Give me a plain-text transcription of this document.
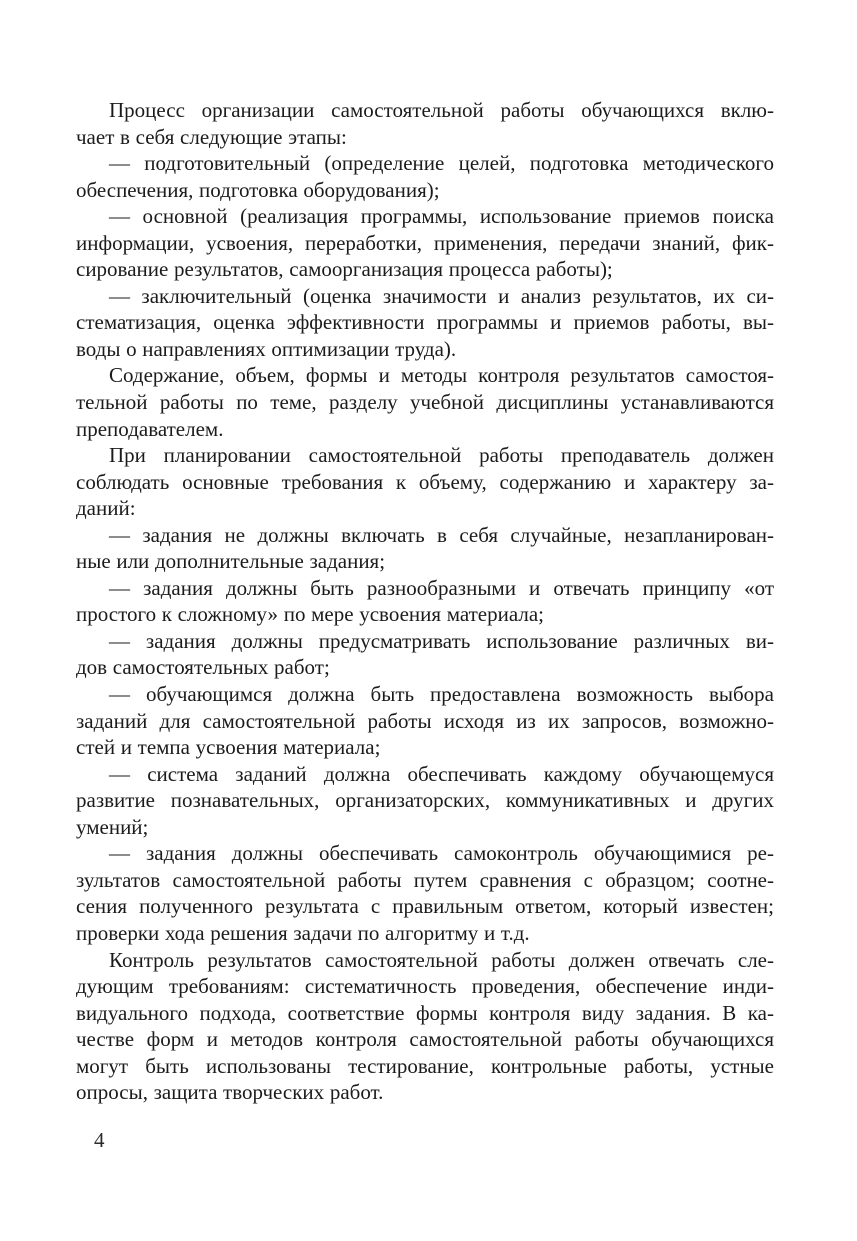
Процесс организации самостоятельной работы обучающихся вклю-
чает в себя следующие этапы:
— подготовительный (определение целей, подготовка методического
обеспечения, подготовка оборудования);
— основной (реализация программы, использование приемов поиска
информации, усвоения, переработки, применения, передачи знаний, фик-
сирование результатов, самоорганизация процесса работы);
— заключительный (оценка значимости и анализ результатов, их си-
стематизация, оценка эффективности программы и приемов работы, вы-
воды о направлениях оптимизации труда).
Содержание, объем, формы и методы контроля результатов самостоя-
тельной работы по теме, разделу учебной дисциплины устанавливаются
преподавателем.
При планировании самостоятельной работы преподаватель должен
соблюдать основные требования к объему, содержанию и характеру за-
даний:
— задания не должны включать в себя случайные, незапланирован-
ные или дополнительные задания;
— задания должны быть разнообразными и отвечать принципу «от
простого к сложному» по мере усвоения материала;
— задания должны предусматривать использование различных ви-
дов самостоятельных работ;
— обучающимся должна быть предоставлена возможность выбора
заданий для самостоятельной работы исходя из их запросов, возможно-
стей и темпа усвоения материала;
— система заданий должна обеспечивать каждому обучающемуся
развитие познавательных, организаторских, коммуникативных и других
умений;
— задания должны обеспечивать самоконтроль обучающимися ре-
зультатов самостоятельной работы путем сравнения с образцом; соотне-
сения полученного результата с правильным ответом, который известен;
проверки хода решения задачи по алгоритму и т.д.
Контроль результатов самостоятельной работы должен отвечать сле-
дующим требованиям: систематичность проведения, обеспечение инди-
видуального подхода, соответствие формы контроля виду задания. В ка-
честве форм и методов контроля самостоятельной работы обучающихся
могут быть использованы тестирование, контрольные работы, устные
опросы, защита творческих работ.
4
